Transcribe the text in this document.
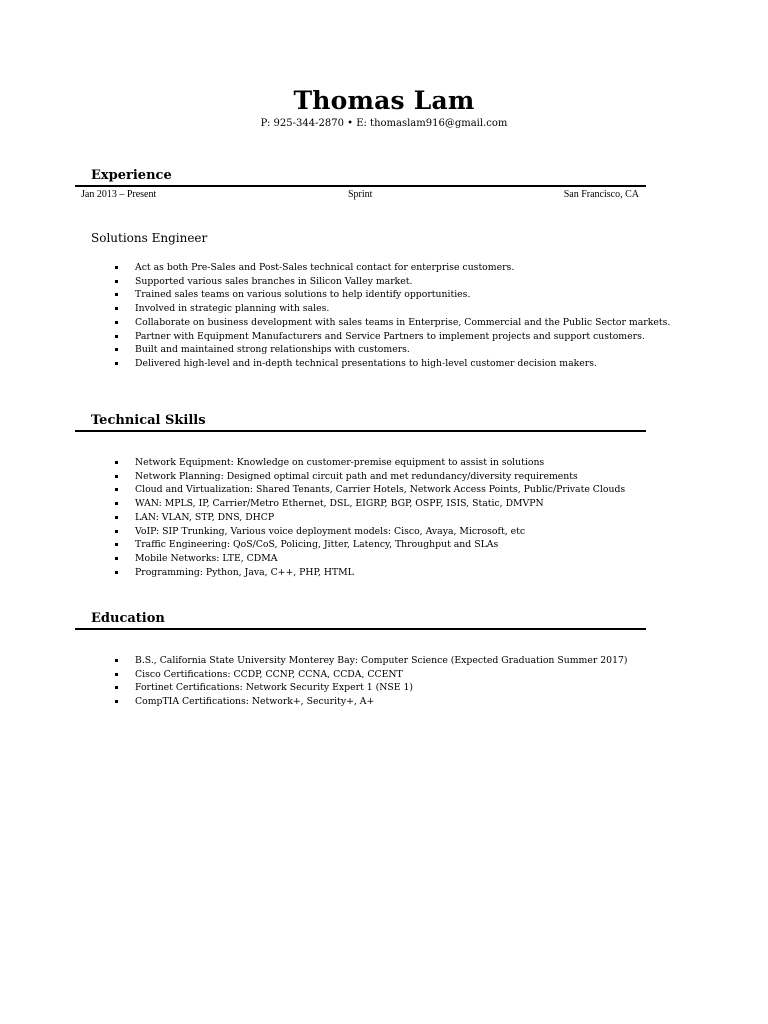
Thomas Lam
P: 925-344-2870 • E: thomaslam916@gmail.com
Experience
Jan 2013 – Present	Sprint	San Francisco, CA
Solutions Engineer
Act as both Pre-Sales and Post-Sales technical contact for enterprise customers.
Supported various sales branches in Silicon Valley market.
Trained sales teams on various solutions to help identify opportunities.
Involved in strategic planning with sales.
Collaborate on business development with sales teams in Enterprise, Commercial and the Public Sector markets.
Partner with Equipment Manufacturers and Service Partners to implement projects and support customers.
Built and maintained strong relationships with customers.
Delivered high-level and in-depth technical presentations to high-level customer decision makers.
Technical Skills
Network Equipment: Knowledge on customer-premise equipment to assist in solutions
Network Planning: Designed optimal circuit path and met redundancy/diversity requirements
Cloud and Virtualization: Shared Tenants, Carrier Hotels, Network Access Points, Public/Private Clouds
WAN: MPLS, IP, Carrier/Metro Ethernet, DSL, EIGRP, BGP, OSPF, ISIS, Static, DMVPN
LAN: VLAN, STP, DNS, DHCP
VoIP: SIP Trunking, Various voice deployment models: Cisco, Avaya, Microsoft, etc
Traffic Engineering: QoS/CoS, Policing, Jitter, Latency, Throughput and SLAs
Mobile Networks: LTE, CDMA
Programming: Python, Java, C++, PHP, HTML
Education
B.S., California State University Monterey Bay: Computer Science (Expected Graduation Summer 2017)
Cisco Certifications: CCDP, CCNP, CCNA, CCDA, CCENT
Fortinet Certifications: Network Security Expert 1 (NSE 1)
CompTIA Certifications: Network+, Security+, A+
